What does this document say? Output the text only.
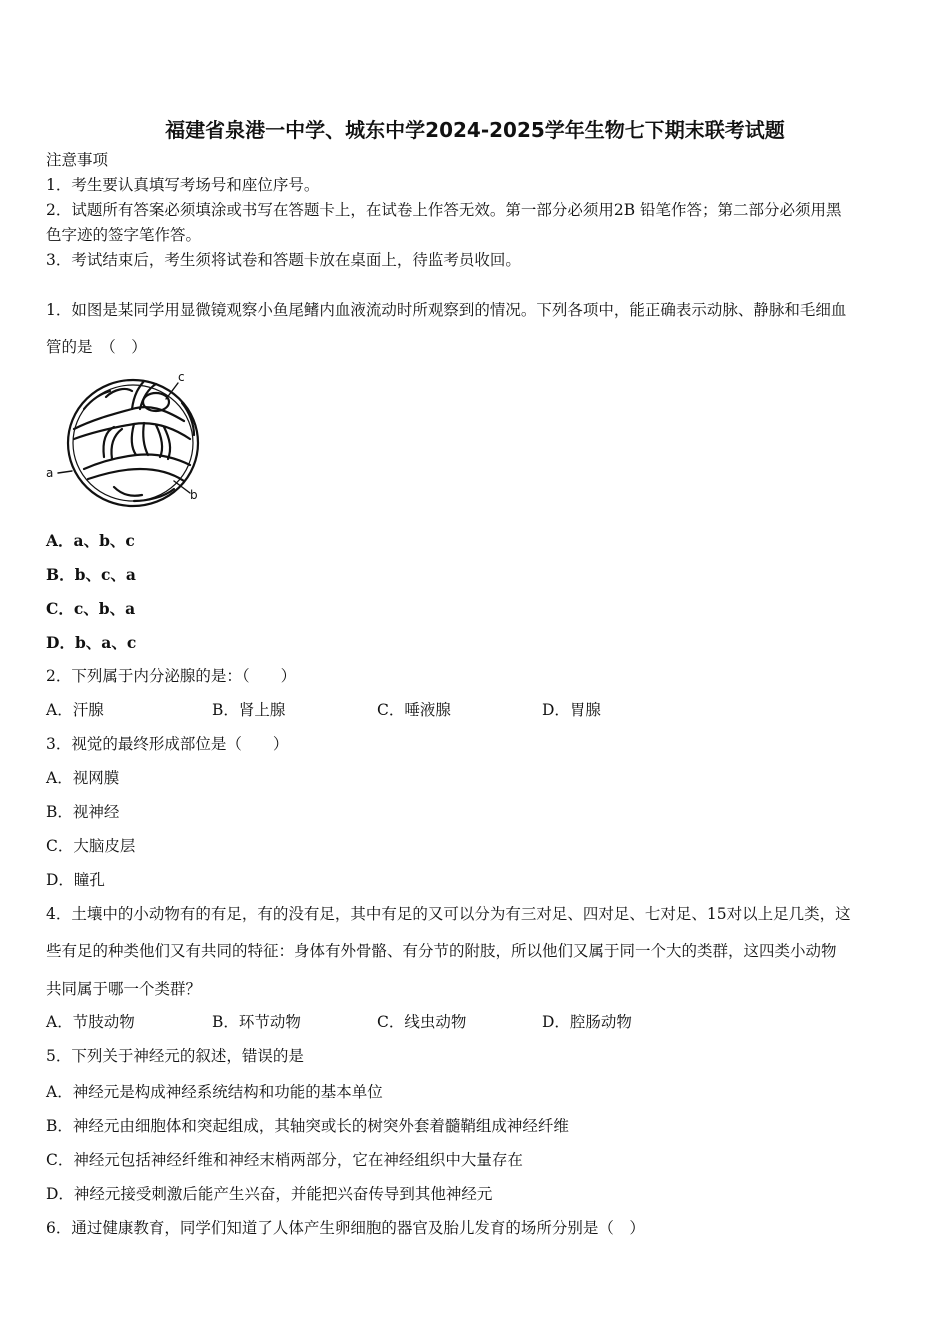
福建省泉港一中学、城东中学2024-2025学年生物七下期末联考试题
注意事项
1．考生要认真填写考场号和座位序号。
2．试题所有答案必须填涂或书写在答题卡上，在试卷上作答无效。第一部分必须用2B 铅笔作答；第二部分必须用黑
色字迹的签字笔作答。
3．考试结束后，考生须将试卷和答题卡放在桌面上，待监考员收回。
1．如图是某同学用显微镜观察小鱼尾鳍内血液流动时所观察到的情况。下列各项中，能正确表示动脉、静脉和毛细血
管的是　（　）
c
a
b
A．a、b、c
B．b、c、a
C．c、b、a
D．b、a、c
2．下列属于内分泌腺的是：（　　）
A．汗腺	B．肾上腺	C．唾液腺	D．胃腺
3．视觉的最终形成部位是（　　）
A．视网膜
B．视神经
C．大脑皮层
D．瞳孔
4．土壤中的小动物有的有足，有的没有足，其中有足的又可以分为有三对足、四对足、七对足、15对以上足几类，这
些有足的种类他们又有共同的特征：身体有外骨骼、有分节的附肢，所以他们又属于同一个大的类群，这四类小动物
共同属于哪一个类群？
A．节肢动物	B．环节动物	C．线虫动物	D．腔肠动物
5．下列关于神经元的叙述，错误的是
A．神经元是构成神经系统结构和功能的基本单位
B．神经元由细胞体和突起组成，其轴突或长的树突外套着髓鞘组成神经纤维
C．神经元包括神经纤维和神经末梢两部分，它在神经组织中大量存在
D．神经元接受刺激后能产生兴奋，并能把兴奋传导到其他神经元
6．通过健康教育，同学们知道了人体产生卵细胞的器官及胎儿发育的场所分别是（　）
